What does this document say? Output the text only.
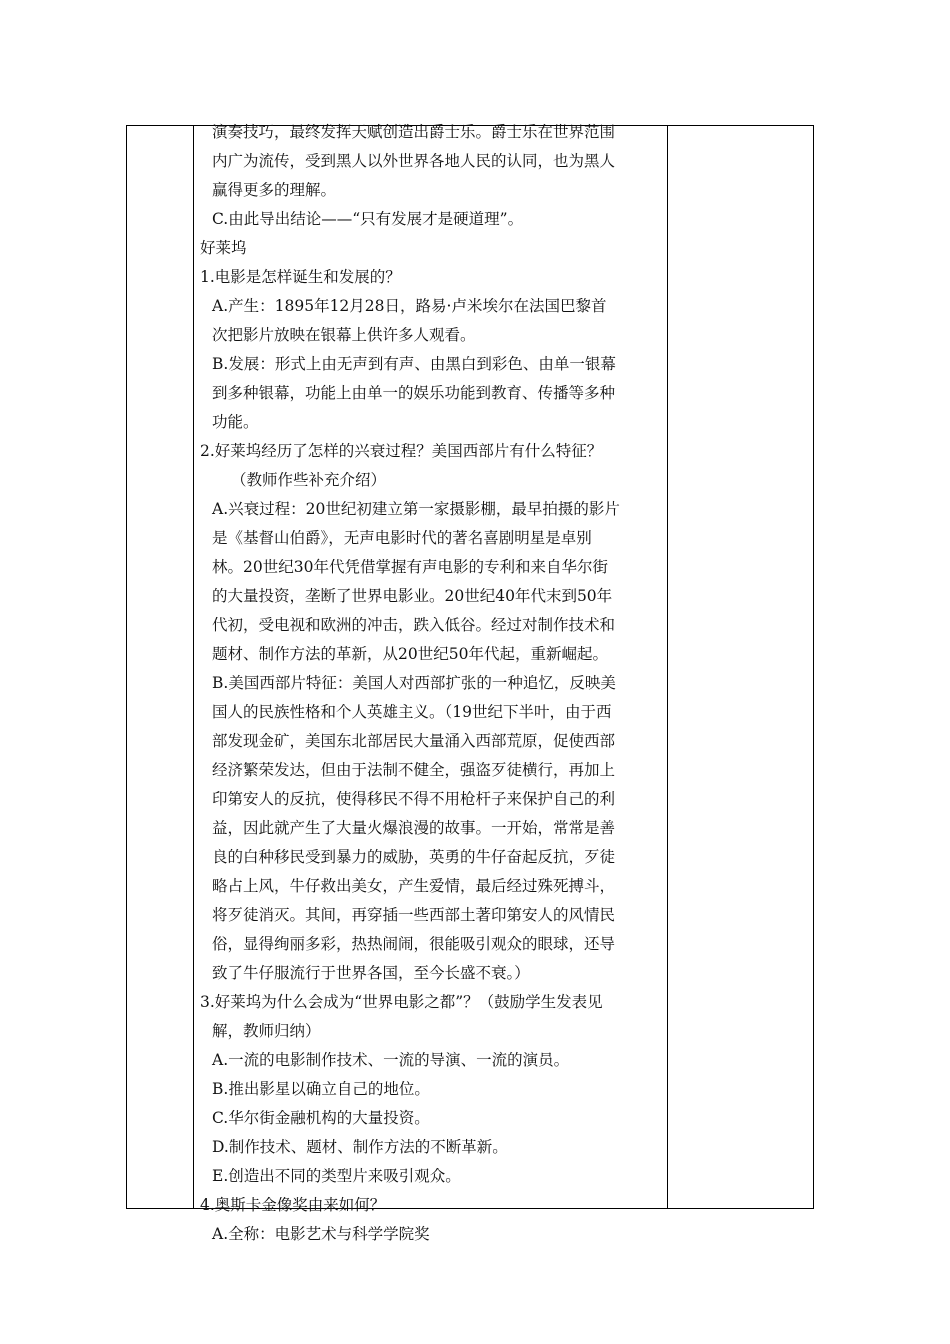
演奏技巧，最终发挥天赋创造出爵士乐。爵士乐在世界范围
内广为流传，受到黑人以外世界各地人民的认同，也为黑人
赢得更多的理解。
C.由此导出结论——“只有发展才是硬道理”。
好莱坞
1.电影是怎样诞生和发展的？
A.产生：1895年12月28日，路易·卢米埃尔在法国巴黎首
次把影片放映在银幕上供许多人观看。
B.发展：形式上由无声到有声、由黑白到彩色、由单一银幕
到多种银幕，功能上由单一的娱乐功能到教育、传播等多种
功能。
2.好莱坞经历了怎样的兴衰过程？美国西部片有什么特征？
（教师作些补充介绍）
A.兴衰过程：20世纪初建立第一家摄影棚，最早拍摄的影片
是《基督山伯爵》，无声电影时代的著名喜剧明星是卓别
林。20世纪30年代凭借掌握有声电影的专利和来自华尔街
的大量投资，垄断了世界电影业。20世纪40年代末到50年
代初，受电视和欧洲的冲击，跌入低谷。经过对制作技术和
题材、制作方法的革新，从20世纪50年代起，重新崛起。
B.美国西部片特征：美国人对西部扩张的一种追忆，反映美
国人的民族性格和个人英雄主义。（19世纪下半叶，由于西
部发现金矿，美国东北部居民大量涌入西部荒原，促使西部
经济繁荣发达，但由于法制不健全，强盗歹徒横行，再加上
印第安人的反抗，使得移民不得不用枪杆子来保护自己的利
益，因此就产生了大量火爆浪漫的故事。一开始，常常是善
良的白种移民受到暴力的威胁，英勇的牛仔奋起反抗，歹徒
略占上风，牛仔救出美女，产生爱情，最后经过殊死搏斗，
将歹徒消灭。其间，再穿插一些西部土著印第安人的风情民
俗，显得绚丽多彩，热热闹闹，很能吸引观众的眼球，还导
致了牛仔服流行于世界各国，至今长盛不衰。）
3.好莱坞为什么会成为“世界电影之都”？（鼓励学生发表见
解，教师归纳）
A.一流的电影制作技术、一流的导演、一流的演员。
B.推出影星以确立自己的地位。
C.华尔街金融机构的大量投资。
D.制作技术、题材、制作方法的不断革新。
E.创造出不同的类型片来吸引观众。
4.奥斯卡金像奖由来如何？
A.全称：电影艺术与科学学院奖
